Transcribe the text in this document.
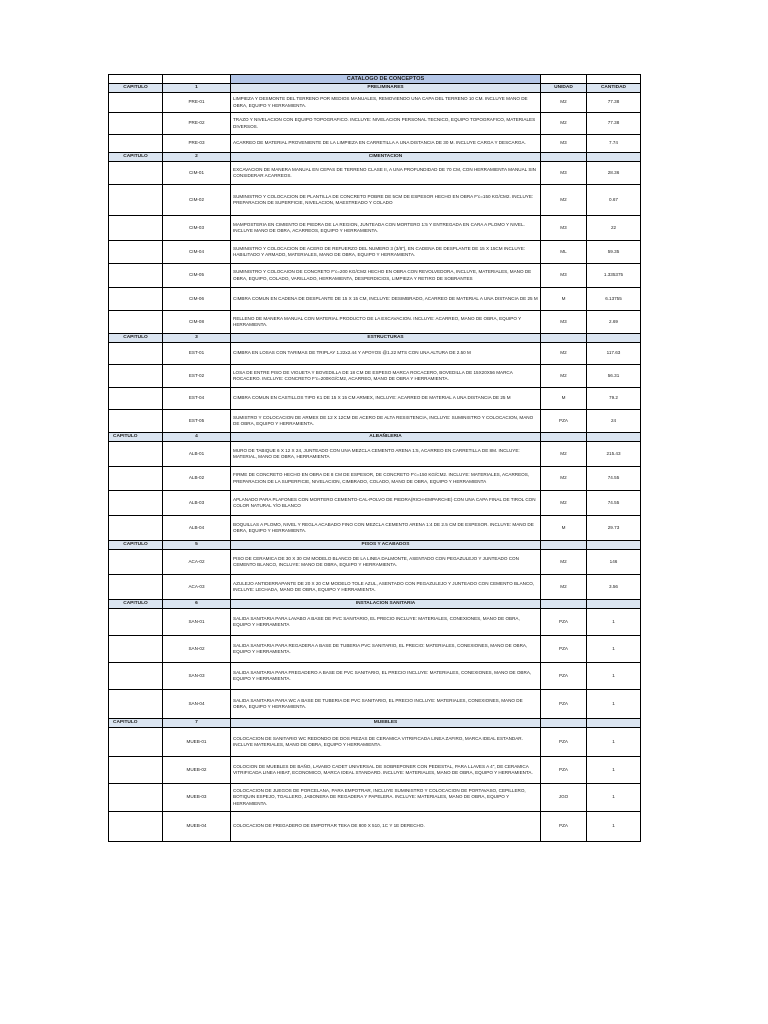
		CATALOGO DE CONCEPTOS		
CAPITULO	1	PRELIMINARES	UNIDAD	CANTIDAD
	PRE-01	LIMPIEZA Y DESMONTE DEL TERRENO POR MEDIOS MANUALES, REMOVIENDO UNA CAPA DEL TERRENO 10 CM. INCLUYE MANO DE OBRA, EQUIPO Y HERRAMIENTA.	M2	77.38
	PRE-02	TRAZO Y NIVELACION CON EQUIPO TOPOGRAFICO. INCLUYE: NIVELACION PERSONAL TECNICO, EQUIPO TOPOGRAFICO, MATERIALES DIVERSOS.	M2	77.38
	PRE-03	ACARREO DE MATERIAL PROVENIENTE DE LA LIMPIEZA EN CARRETILLA A UNA DISTANCIA DE 30 M. INCLUYE CARGA Y DESCARGA.	M3	7.74
CAPITULO	2	CIMENTACION		
	CIM-01	EXCAVACION DE MANERA MANUAL EN CEPAS DE TERRENO CLASE II, A UNA PROFUNDIDAD DE 70 CM, CON HERRAMIENTA MANUAL SIN CONSIDERAR ACARREOS.	M3	28.36
	CIM-02	SUMINISTRO Y COLOCACION DE PLANTILLA DE CONCRETO POBRE DE 5CM DE ESPESOR HECHO EN OBRA F'c=150 KG/CM2. INCLUYE: PREPARACION DE SUPERFICIE, NIVELACION, MAESTREADO Y COLADO	M2	0.67
	CIM-03	MAMPOSTERIA EN CIMIENTO DE PIEDRA DE LA REGION, JUNTEADA CON MORTERO 1:5 Y ENTREGADA EN CARA A PLOMO Y NIVEL. INCLUYE MANO DE OBRA, ACARREOS, EQUIPO Y HERRAMIENTA.	M3	22
	CIM-04	SUMINISTRO Y COLOCACION DE ACERO DE REFUERZO DEL NUMERO 3 (3/8"), EN CADENA DE DESPLANTE DE 15 X 15CM INCLUYE: HABILITADO Y ARMADO, MATERIALES, MANO DE OBRA, EQUIPO Y HERRAMIENTA.	ML	59.35
	CIM-05	SUMINISTRO Y COLOCAION DE CONCRETO F'c=200 KG/CM2 HECHO EN OBRA CON REVOLVEDORA, INCLUYE, MATERIALES, MANO DE OBRA, EQUIPO, COLADO, VARILLADO, HERRAMIENTA, DESPERDICIOS, LIMPIEZA Y RETIRO DE SOBRANTES	M3	1.335375
	CIM-06	CIMBRA COMUN EN CADENA DE DESPLANTE DE 15 X 15 CM, INCLUYE: DESIMBRADO, ACARREO DE MATERIAL A UNA DISTANCIA DE 25 M	M	6.13755
	CIM-08	RELLENO DE MANERA MANUAL CON MATERIAL PRODUCTO DE LA EXCAVACION. INCLUYE: ACARREO, MANO DE OBRA, EQUIPO Y HERRAMIENTA.	M3	2.69
CAPITULO	3	ESTRUCTURAS		
	EST-01	CIMBRA EN LOSAS CON TARIMAS DE TRIPLAY 1.22x2.44 Y APOYOS @1.22 MTS CON UNA ALTURA DE 2.50 M	M2	117.63
	EST-02	LOSA DE ENTRE PISO DE VIGUETA Y BOVEDILLA DE 18 CM DE ESPESO MARCA ROCACERO, BOVEDILLA DE 15X20X56 MARCA ROCACERO. INCLUYE: CONCRETO F'c=200KG/CM2, ACARREO, MANO DE OBRA Y HERRAMIENTA.	M2	56.31
	EST-04	CIMBRA COMUN EN CASTILLOS TIPO K1 DE 15 X 15 CM ARMEX, INCLUYE: ACARREO DE MATERIAL A UNA DISTANCIA DE 25 M	M	79.2
	EST-05	SUMISTRO Y COLOCACION DE ARMEX DE 12 X 12CM DE ACERO DE ALTA RESISTENCIA, INCLUYE: SUMINISTRO Y COLOCACION, MANO DE OBRA, EQUIPO Y HERRAMIENTA.	PZA	24
CAPITULO	4	ALBAÑILERIA		
	ALB-01	MURO DE TABIQUE 6 X 12 X 24, JUNTEADO CON UNA MEZCLA CEMENTO ARENA 1:5, ACARREO EN CARRETILLA DE 8M. INCLUYE: MATERIAL, MANO DE OBRA, HERRAMIENTA	M2	215.43
	ALB-02	FIRME DE CONCRETO HECHO EN OBRA DE 8 CM DE ESPESOR, DE CONCRETO F'c=150 KG/CM2. INCLUYE: MATERIALES, ACARREOS, PREPARACION DE LA SUPERFICIE, NIVELACION, CIMBRADO, COLADO, MANO DE OBRA, EQUIPO Y HERRAMIENTA	M2	74.55
	ALB-03	APLANADO PARA PLAFONES CON MORTERO CEMENTO-CAL-POLVO DE PIEDRA(RICH-EMPARCHE) CON UNA CAPA FINAL DE TIROL CON COLOR NATURAL Y/O BLANCO	M2	74.55
	ALB-04	BOQUILLAS A PLOMO, NIVEL Y REGLA ACABADO FINO CON MEZCLA CEMENTO ARENA 1:4 DE 2.5 CM DE ESPESOR. INCLUYE: MANO DE OBRA, EQUIPO Y HERRAMIENTA.	M	29.73
CAPITULO	5	PISOS Y ACABADOS		
	ACA-02	PISO DE CERAMICA DE 30 X 30 CM MODELO BLANCO DE LA LINEA DALMONTE, ASENTADO CON PEGAZULEJO Y JUNTEADO CON CEMENTO BLANCO, INCLUYE: MANO DE OBRA, EQUIPO Y HERRAMIENTA.	M2	146
	ACA-03	AZULEJO ANTIDERRAPANTE DE 20 X 20 CM MODELO TOLE AZUL, ASENTADO CON PEGAZULEJO Y JUNTEADO CON CEMENTO BLANCO, INCLUYE: LECHADA, MANO DE OBRA, EQUIPO Y HERRAMIENTA.	M2	3.56
CAPITULO	6	INSTALACION SANITARIA		
	SAN-01	SALIDA SANITARIA PARA LAVABO A BASE DE PVC SANITARIO, EL PRECIO INCLUYE: MATERIALES, CONEXIONES, MANO DE OBRA, EQUIPO Y HERRAMIENTA	PZA	1
	SAN-02	SALIDA SANITARIA PARA REGADERA A BASE DE TUBERIA PVC SANITARIO, EL PRECIO: MATERIALES, CONEXIONES, MANO DE OBRA, EQUIPO Y HERRAMIENTA.	PZA	1
	SAN-03	SALIDA SANITARIA PARA FREGADERO A BASE DE PVC SANITARIO, EL PRECIO INCLUYE: MATERIALES, CONEXIONES, MANO DE OBRA, EQUIPO Y HERRAMIENTA.	PZA	1
	SAN-04	SALIDA SANITARIA PARA WC A BASE DE TUBERIA DE PVC SANITARIO, EL PRECIO INCLUYE: MATERIALES, CONEXIONES, MANO DE OBRA, EQUIPO Y HERRAMIENTA.	PZA	1
CAPITULO	7	MUEBLES		
	MUEB-01	COLOCACION DE SANITARIO WC REDONDO DE DOS PIEZAS DE CERAMICA VITRIFICADA LINEA ZAFIRO, MARCA IDEAL ESTANDAR. INCLUYE MATERIALES, MANO DE OBRA, EQUIPO Y HERRAMIENTA.	PZA	1
	MUEB-02	COLOCION DE MUEBLES DE BAÑO, LAVABO CADET UNIVERSAL DE SOBREPONER CON PEDESTAL, PARA LLAVES A 4", DE CERAMICA VITRIFICADA LINEA HIBAT, ECONOMICO, MARCA IDEAL STANDARD. INCLUYE: MATERIALES, MANO DE OBRA, EQUIPO Y HERRAMIENTA.	PZA	1
	MUEB-03	COLOCACION DE JUEGOS DE PORCELANA, PARA EMPOTRAR, INCLUYE SUMINISTRO Y COLOCACION DE PORTAVASO, CEPILLERO, BOTIQUIN ESPEJO, TOALLERO, JABONERA DE REGADERA Y PAPELERA. INCLUYE: MATERIALES, MANO DE OBRA, EQUIPO Y HERRAMIENTA.	JGO	1
	MUEB-04	COLOCACION DE FREGADERO DE EMPOTRAR TEKA DE 800 X 510, 1C Y 1E DERECHO.	PZA	1
